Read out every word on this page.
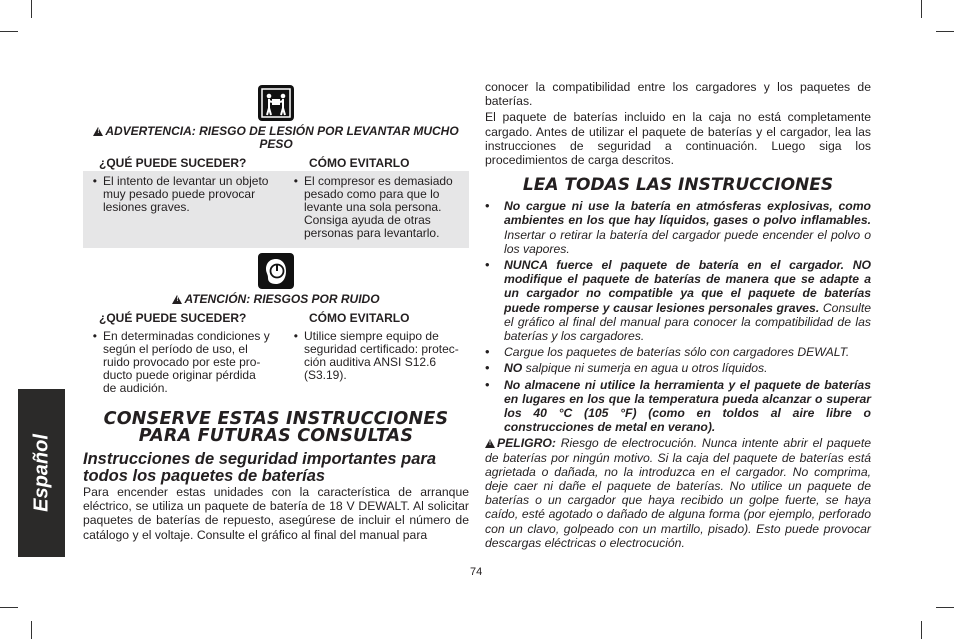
Español
! ADVERTENCIA: RIESGO DE LESIÓN POR LEVANTAR MUCHO PESO
¿QUÉ PUEDE SUCEDER?	CÓMO EVITARLO
• El intento de levantar un objeto muy pesado puede provocar lesiones graves.
• El compresor es demasiado pesado como para que lo levante una sola persona. Consiga ayuda de otras personas para levantarlo.
! ATENCIÓN: RIESGOS POR RUIDO
¿QUÉ PUEDE SUCEDER?	CÓMO EVITARLO
• En determinadas condiciones y según el período de uso, el ruido provocado por este pro- ducto puede originar pérdida de audición.
• Utilice siempre equipo de seguridad certificado: protec- ción auditiva ANSI S12.6 (S3.19).
CONSERVE ESTAS INSTRUCCIONES
PARA FUTURAS CONSULTAS
Instrucciones de seguridad importantes para todos los paquetes de baterías

Para encender estas unidades con la característica de arranque eléctrico, se utiliza un paquete de batería de 18 V DEWALT. Al solicitar paquetes de baterías de repuesto, asegúrese de incluir el número de catálogo y el voltaje. Consulte el gráfico al final del manual para

conocer la compatibilidad entre los cargadores y los paquetes de baterías.

El paquete de baterías incluido en la caja no está completamente cargado. Antes de utilizar el paquete de baterías y el cargador, lea las instrucciones de seguridad a continuación. Luego siga los procedimientos de carga descritos.

LEA TODAS LAS INSTRUCCIONES
•	No cargue ni use la batería en atmósferas explosivas, como ambientes en los que hay líquidos, gases o polvo inflamables. Insertar o retirar la batería del cargador puede encender el polvo o los vapores.
•	NUNCA fuerce el paquete de batería en el cargador. NO modifique el paquete de baterías de manera que se adapte a un cargador no compatible ya que el paquete de baterías puede romperse y causar lesiones personales graves. Consulte el gráfico al final del manual para conocer la compatibilidad de las baterías y los cargadores.
•	Cargue los paquetes de baterías sólo con cargadores DEWALT.
•	NO salpique ni sumerja en agua u otros líquidos.
•	No almacene ni utilice la herramienta y el paquete de baterías en lugares en los que la temperatura pueda alcanzar o superar los 40 °C (105 °F) (como en toldos al aire libre o construcciones de metal en verano).
! PELIGRO: Riesgo de electrocución. Nunca intente abrir el paquete de baterías por ningún motivo. Si la caja del paquete de baterías está agrietada o dañada, no la introduzca en el cargador. No comprima, deje caer ni dañe el paquete de baterías. No utilice un paquete de baterías o un cargador que haya recibido un golpe fuerte, se haya caído, esté agotado o dañado de alguna forma (por ejemplo, perforado con un clavo, golpeado con un martillo, pisado). Esto puede provocar descargas eléctricas o electrocución.
74
